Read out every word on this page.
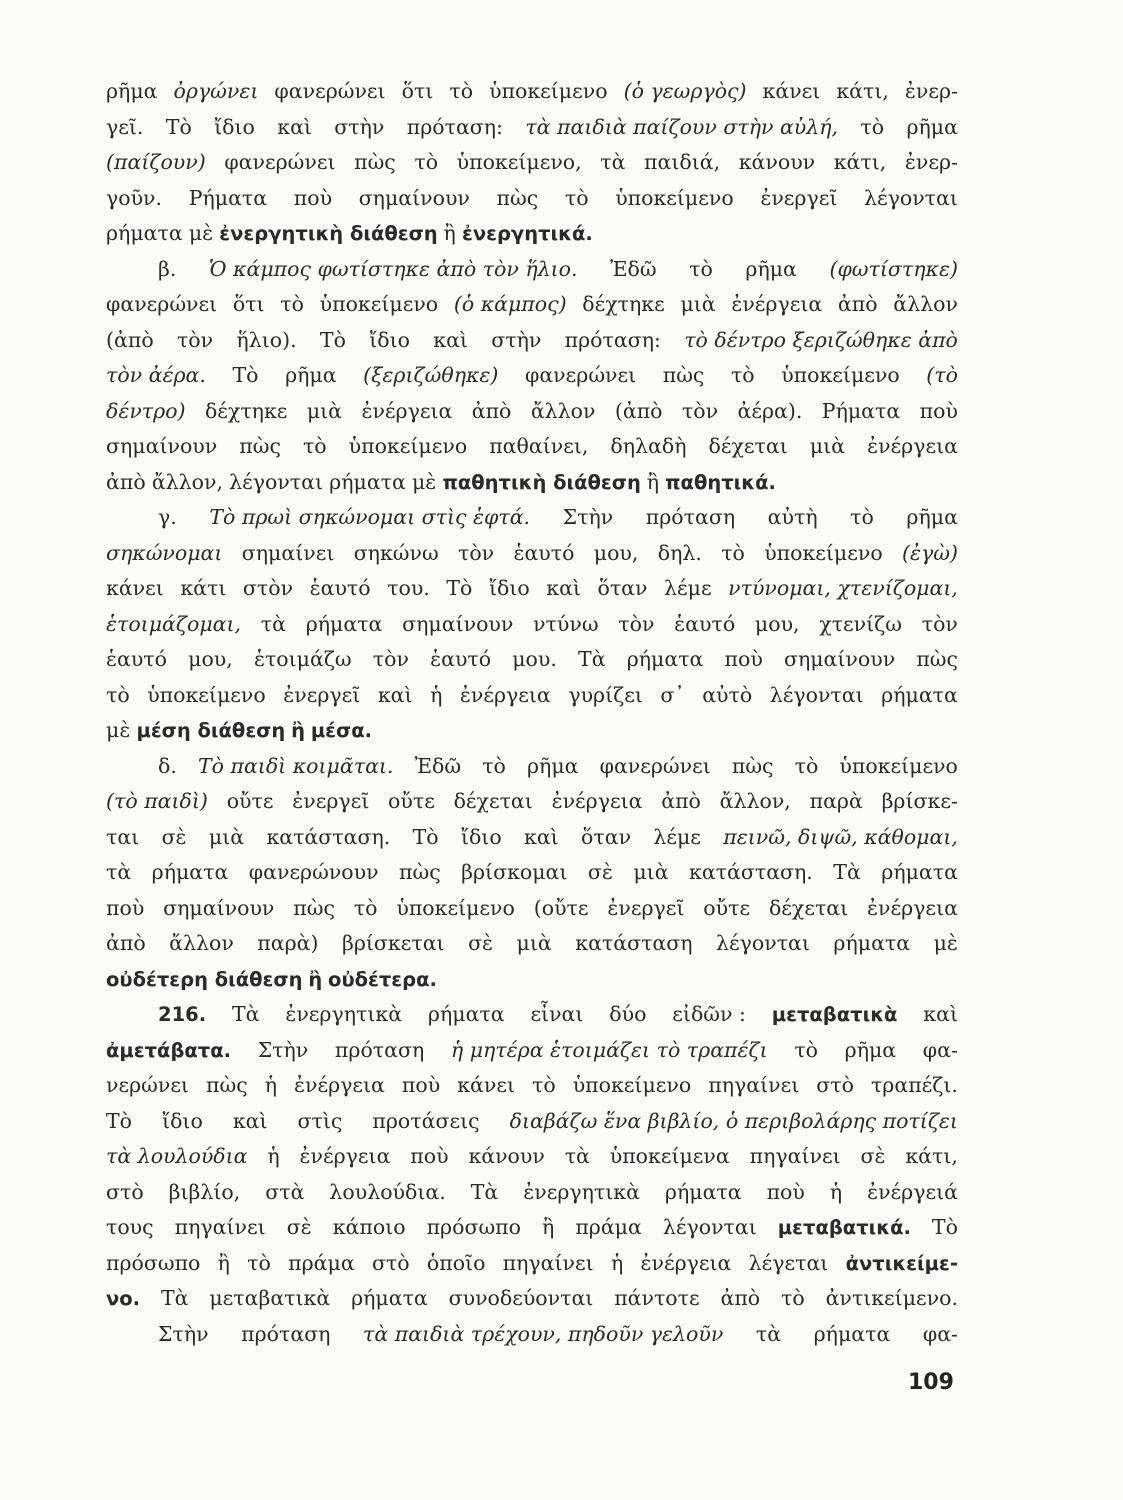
ρῆμα ὀργώνει φανερώνει ὅτι τὸ ὑποκείμενο (ὁ γεωργὸς) κάνει κάτι, ἐνερ-
γεῖ. Τὸ ἴδιο καὶ στὴν πρόταση: τὰ παιδιὰ παίζουν στὴν αὐλή, τὸ ρῆμα
(παίζουν) φανερώνει πὼς τὸ ὑποκείμενο, τὰ παιδιά, κάνουν κάτι, ἐνερ-
γοῦν. Ρήματα ποὺ σημαίνουν πὼς τὸ ὑποκείμενο ἐνεργεῖ λέγονται
ρήματα μὲ ἐνεργητικὴ διάθεση ἢ ἐνεργητικά.
β. Ὁ κάμπος φωτίστηκε ἀπὸ τὸν ἥλιο. Ἐδῶ τὸ ρῆμα (φωτίστηκε)
φανερώνει ὅτι τὸ ὑποκείμενο (ὁ κάμπος) δέχτηκε μιὰ ἐνέργεια ἀπὸ ἄλλον
(ἀπὸ τὸν ἥλιο). Τὸ ἴδιο καὶ στὴν πρόταση: τὸ δέντρο ξεριζώθηκε ἀπὸ
τὸν ἀέρα. Τὸ ρῆμα (ξεριζώθηκε) φανερώνει πὼς τὸ ὑποκείμενο (τὸ
δέντρο) δέχτηκε μιὰ ἐνέργεια ἀπὸ ἄλλον (ἀπὸ τὸν ἀέρα). Ρήματα ποὺ
σημαίνουν πὼς τὸ ὑποκείμενο παθαίνει, δηλαδὴ δέχεται μιὰ ἐνέργεια
ἀπὸ ἄλλον, λέγονται ρήματα μὲ παθητικὴ διάθεση ἢ παθητικά.
γ. Τὸ πρωὶ σηκώνομαι στὶς ἑφτά. Στὴν πρόταση αὐτὴ τὸ ρῆμα
σηκώνομαι σημαίνει σηκώνω τὸν ἑαυτό μου, δηλ. τὸ ὑποκείμενο (ἐγὼ)
κάνει κάτι στὸν ἑαυτό του. Τὸ ἴδιο καὶ ὅταν λέμε ντύνομαι, χτενίζομαι,
ἑτοιμάζομαι, τὰ ρήματα σημαίνουν ντύνω τὸν ἑαυτό μου, χτενίζω τὸν
ἑαυτό μου, ἑτοιμάζω τὸν ἑαυτό μου. Τὰ ρήματα ποὺ σημαίνουν πὼς
τὸ ὑποκείμενο ἐνεργεῖ καὶ ἡ ἐνέργεια γυρίζει σ᾽ αὐτὸ λέγονται ρήματα
μὲ μέση διάθεση ἢ μέσα.
δ. Τὸ παιδὶ κοιμᾶται. Ἐδῶ τὸ ρῆμα φανερώνει πὼς τὸ ὑποκείμενο
(τὸ παιδὶ) οὔτε ἐνεργεῖ οὔτε δέχεται ἐνέργεια ἀπὸ ἄλλον, παρὰ βρίσκε-
ται σὲ μιὰ κατάσταση. Τὸ ἴδιο καὶ ὅταν λέμε πεινῶ, διψῶ, κάθομαι,
τὰ ρήματα φανερώνουν πὼς βρίσκομαι σὲ μιὰ κατάσταση. Τὰ ρήματα
ποὺ σημαίνουν πὼς τὸ ὑποκείμενο (οὔτε ἐνεργεῖ οὔτε δέχεται ἐνέργεια
ἀπὸ ἄλλον παρὰ) βρίσκεται σὲ μιὰ κατάσταση λέγονται ρήματα μὲ
οὐδέτερη διάθεση ἢ οὐδέτερα.
216. Τὰ ἐνεργητικὰ ρήματα εἶναι δύο εἰδῶν : μεταβατικὰ καὶ
ἀμετάβατα. Στὴν πρόταση ἡ μητέρα ἑτοιμάζει τὸ τραπέζι τὸ ρῆμα φα-
νερώνει πὼς ἡ ἐνέργεια ποὺ κάνει τὸ ὑποκείμενο πηγαίνει στὸ τραπέζι.
Τὸ ἴδιο καὶ στὶς προτάσεις διαβάζω ἕνα βιβλίο, ὁ περιβολάρης ποτίζει
τὰ λουλούδια ἡ ἐνέργεια ποὺ κάνουν τὰ ὑποκείμενα πηγαίνει σὲ κάτι,
στὸ βιβλίο, στὰ λουλούδια. Τὰ ἐνεργητικὰ ρήματα ποὺ ἡ ἐνέργειά
τους πηγαίνει σὲ κάποιο πρόσωπο ἢ πράμα λέγονται μεταβατικά. Τὸ
πρόσωπο ἢ τὸ πράμα στὸ ὁποῖο πηγαίνει ἡ ἐνέργεια λέγεται ἀντικείμε-
νο. Τὰ μεταβατικὰ ρήματα συνοδεύονται πάντοτε ἀπὸ τὸ ἀντικείμενο.
Στὴν πρόταση τὰ παιδιὰ τρέχουν, πηδοῦν γελοῦν τὰ ρήματα φα-
109
